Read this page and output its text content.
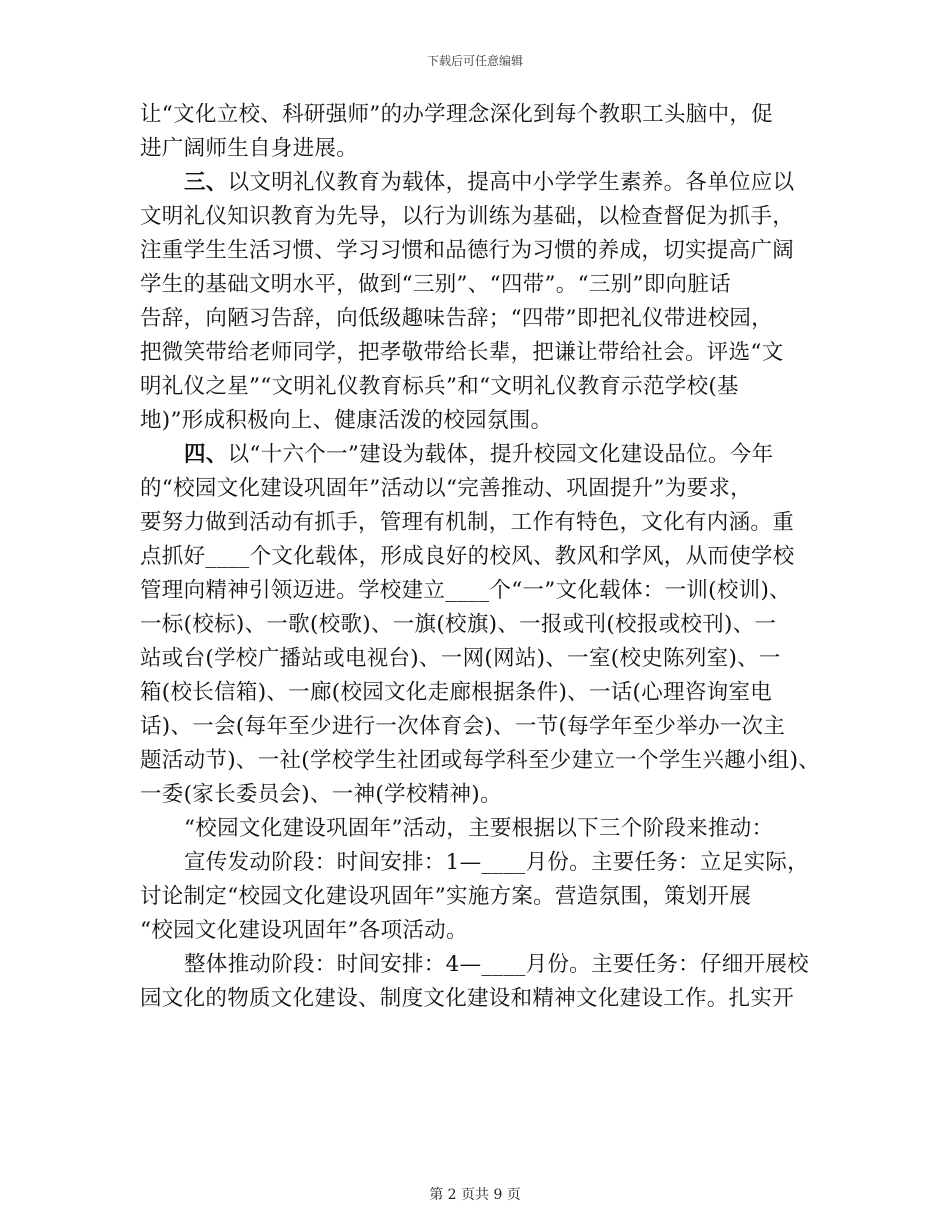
下载后可任意编辑
让“文化立校、科研强师”的办学理念深化到每个教职工头脑中，促
进广阔师生自身进展。
三、以文明礼仪教育为载体，提高中小学学生素养。各单位应以
文明礼仪知识教育为先导，以行为训练为基础，以检查督促为抓手，
注重学生生活习惯、学习习惯和品德行为习惯的养成，切实提高广阔
学生的基础文明水平，做到“三别”、“四带”。“三别”即向脏话
告辞，向陋习告辞，向低级趣味告辞；“四带”即把礼仪带进校园，
把微笑带给老师同学，把孝敬带给长辈，把谦让带给社会。评选“文
明礼仪之星”“文明礼仪教育标兵”和“文明礼仪教育示范学校(基
地)”形成积极向上、健康活泼的校园氛围。
四、以“十六个一”建设为载体，提升校园文化建设品位。今年
的“校园文化建设巩固年”活动以“完善推动、巩固提升”为要求，
要努力做到活动有抓手，管理有机制，工作有特色，文化有内涵。重
点抓好____个文化载体，形成良好的校风、教风和学风，从而使学校
管理向精神引领迈进。学校建立____个“一”文化载体：一训(校训)、
一标(校标)、一歌(校歌)、一旗(校旗)、一报或刊(校报或校刊)、一
站或台(学校广播站或电视台)、一网(网站)、一室(校史陈列室)、一
箱(校长信箱)、一廊(校园文化走廊根据条件)、一话(心理咨询室电
话)、一会(每年至少进行一次体育会)、一节(每学年至少举办一次主
题活动节)、一社(学校学生社团或每学科至少建立一个学生兴趣小组)、
一委(家长委员会)、一神(学校精神)。
“校园文化建设巩固年”活动，主要根据以下三个阶段来推动：
宣传发动阶段：时间安排：1—____月份。主要任务：立足实际，
讨论制定“校园文化建设巩固年”实施方案。营造氛围，策划开展
“校园文化建设巩固年”各项活动。
整体推动阶段：时间安排：4—____月份。主要任务：仔细开展校
园文化的物质文化建设、制度文化建设和精神文化建设工作。扎实开
第 2 页共 9 页
